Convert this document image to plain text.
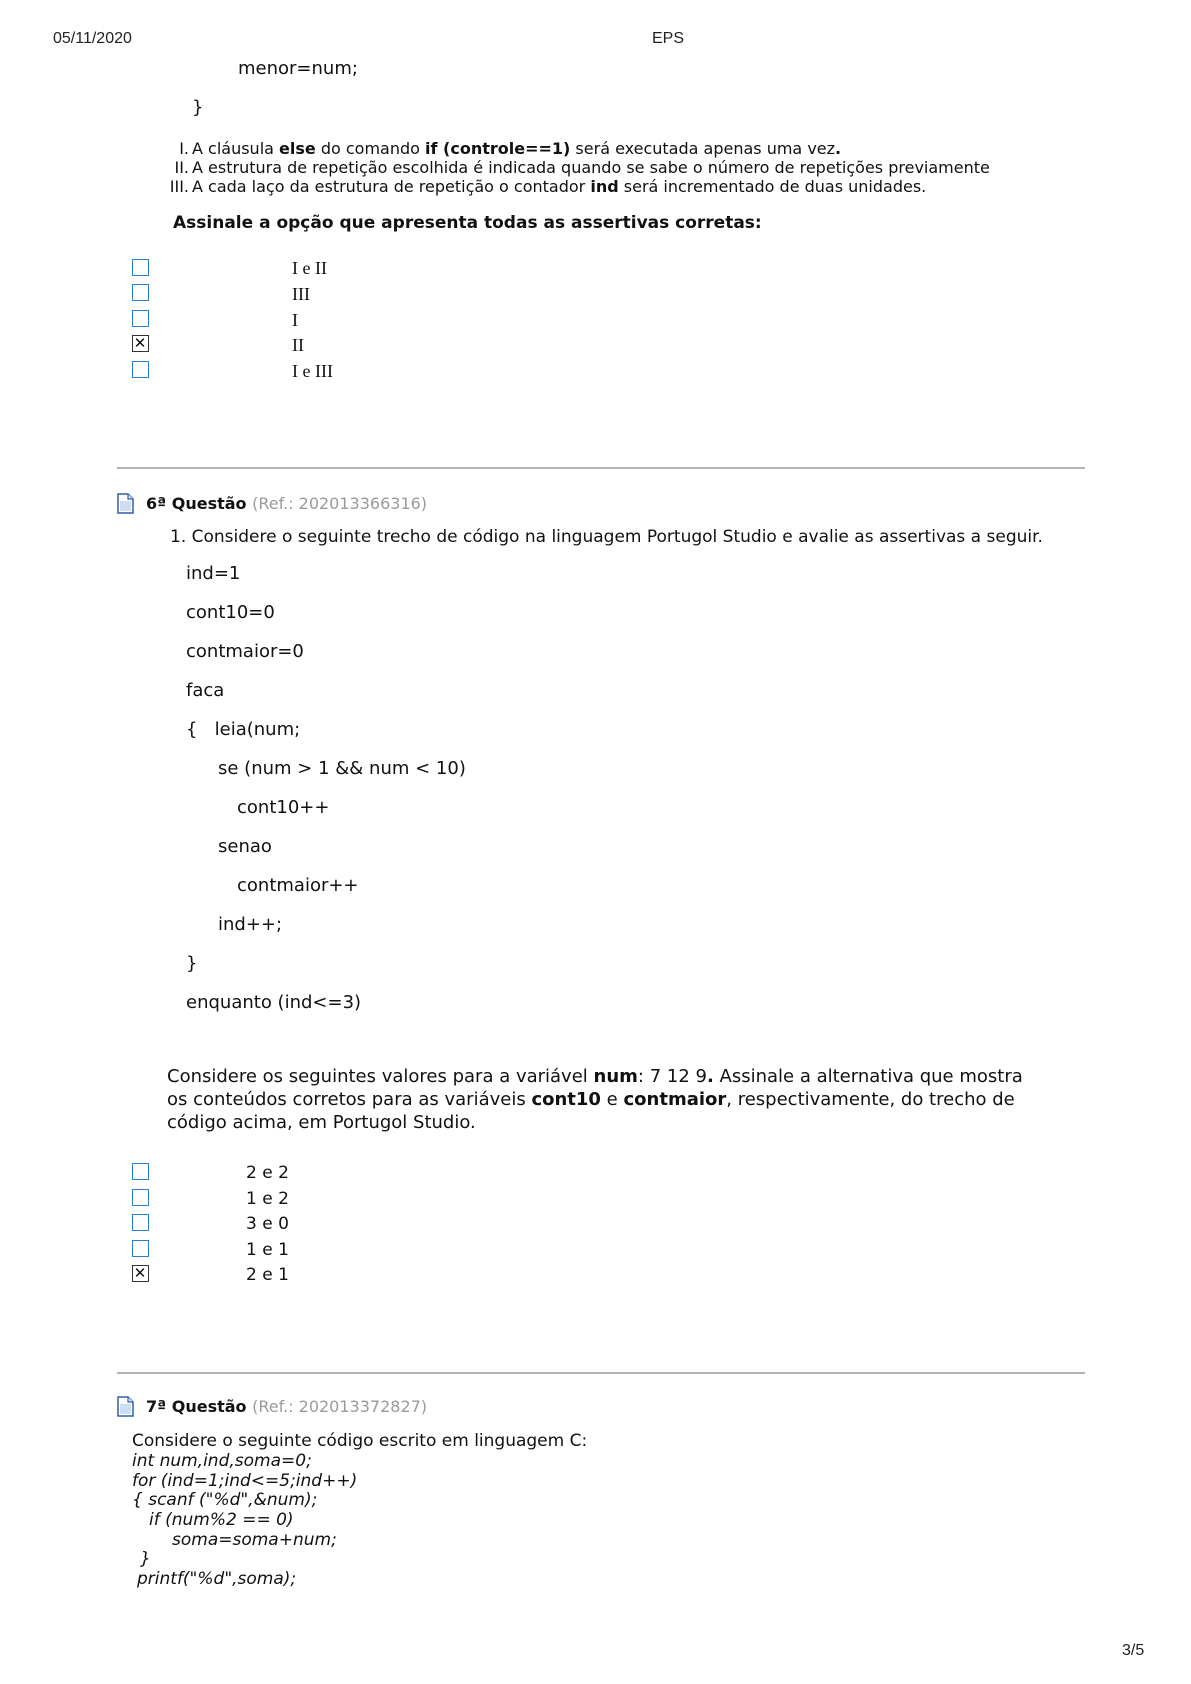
05/11/2020	EPS
3/5
menor=num;
}
I. A cláusula else do comando if (controle==1) será executada apenas uma vez.
II. A estrutura de repetição escolhida é indicada quando se sabe o número de repetições previamente
III. A cada laço da estrutura de repetição o contador ind será incrementado de duas unidades.
Assinale a opção que apresenta todas as assertivas corretas:
I e II
III
I
✕	II
I e III
6ª Questão (Ref.: 202013366316)
1. Considere o seguinte trecho de código na linguagem Portugol Studio e avalie as assertivas a seguir.
ind=1
cont10=0
contmaior=0
faca
{   leia(num;
se (num > 1 && num < 10)
cont10++
senao
contmaior++
ind++;
}
enquanto (ind<=3)
Considere os seguintes valores para a variável num: 7 12 9. Assinale a alternativa que mostra os conteúdos corretos para as variáveis cont10 e contmaior, respectivamente, do trecho de código acima, em Portugol Studio.
2 e 2
1 e 2
3 e 0
1 e 1
✕	2 e 1
7ª Questão (Ref.: 202013372827)
Considere o seguinte código escrito em linguagem C:
int num,ind,soma=0;
for (ind=1;ind<=5;ind++)
{ scanf ("%d",&num);
if (num%2 == 0)
soma=soma+num;
}
printf("%d",soma);
